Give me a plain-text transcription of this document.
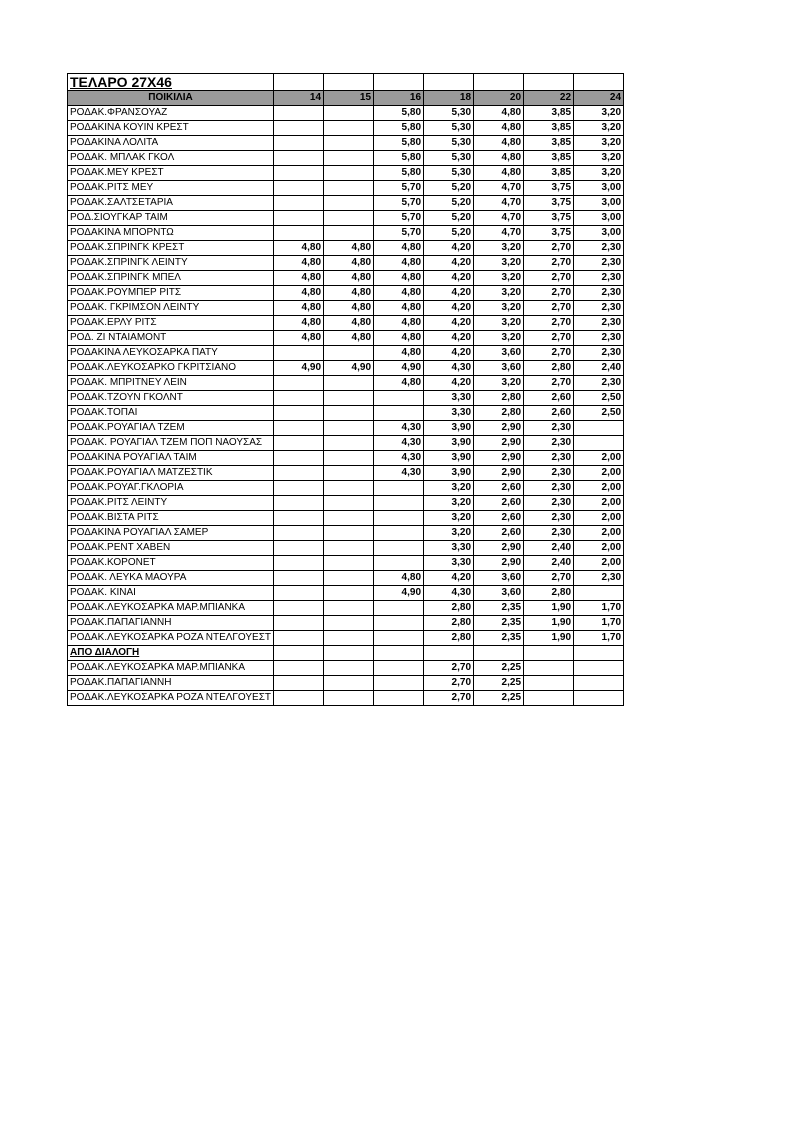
ΤΕΛΑΡΟ 27Χ46							
ΠΟΙΚΙΛΙΑ	14	15	16	18	20	22	24
ΡΟΔΑΚ.ΦΡΑΝΣΟΥΑΖ			5,80	5,30	4,80	3,85	3,20
ΡΟΔΑΚΙΝΑ ΚΟΥΙΝ ΚΡΕΣΤ			5,80	5,30	4,80	3,85	3,20
ΡΟΔΑΚΙΝΑ ΛΟΛΙΤΑ			5,80	5,30	4,80	3,85	3,20
ΡΟΔΑΚ. ΜΠΛΑΚ ΓΚΟΛ			5,80	5,30	4,80	3,85	3,20
ΡΟΔΑΚ.ΜΕΥ ΚΡΕΣΤ			5,80	5,30	4,80	3,85	3,20
ΡΟΔΑΚ.ΡΙΤΣ ΜΕΥ			5,70	5,20	4,70	3,75	3,00
ΡΟΔΑΚ.ΣΑΛΤΣΕΤΑΡΙΑ			5,70	5,20	4,70	3,75	3,00
ΡΟΔ.ΣΙΟΥΓΚΑΡ ΤΑΙΜ			5,70	5,20	4,70	3,75	3,00
ΡΟΔΑΚΙΝΑ ΜΠΟΡΝΤΩ			5,70	5,20	4,70	3,75	3,00
ΡΟΔΑΚ.ΣΠΡΙΝΓΚ ΚΡΕΣΤ	4,80	4,80	4,80	4,20	3,20	2,70	2,30
ΡΟΔΑΚ.ΣΠΡΙΝΓΚ ΛΕΙΝΤΥ	4,80	4,80	4,80	4,20	3,20	2,70	2,30
ΡΟΔΑΚ.ΣΠΡΙΝΓΚ ΜΠΕΛ	4,80	4,80	4,80	4,20	3,20	2,70	2,30
ΡΟΔΑΚ.ΡΟΥΜΠΕΡ ΡΙΤΣ	4,80	4,80	4,80	4,20	3,20	2,70	2,30
ΡΟΔΑΚ. ΓΚΡΙΜΣΟΝ ΛΕΙΝΤΥ	4,80	4,80	4,80	4,20	3,20	2,70	2,30
ΡΟΔΑΚ.ΕΡΛΥ ΡΙΤΣ	4,80	4,80	4,80	4,20	3,20	2,70	2,30
ΡΟΔ. ΖΙ ΝΤΑΙΑΜΟΝΤ	4,80	4,80	4,80	4,20	3,20	2,70	2,30
ΡΟΔΑΚΙΝΑ ΛΕΥΚΟΣΑΡΚΑ ΠΑΤΥ			4,80	4,20	3,60	2,70	2,30
ΡΟΔΑΚ.ΛΕΥΚΟΣΑΡΚΟ ΓΚΡΙΤΣΙΑΝΟ	4,90	4,90	4,90	4,30	3,60	2,80	2,40
ΡΟΔΑΚ. ΜΠΡΙΤΝΕΥ ΛΕΙΝ			4,80	4,20	3,20	2,70	2,30
ΡΟΔΑΚ.ΤΖΟΥΝ ΓΚΟΛΝΤ				3,30	2,80	2,60	2,50
ΡΟΔΑΚ.ΤΟΠΑΙ				3,30	2,80	2,60	2,50
ΡΟΔΑΚ.ΡΟΥΑΓΙΑΛ ΤΖΕΜ			4,30	3,90	2,90	2,30	
ΡΟΔΑΚ. ΡΟΥΑΓΙΑΛ ΤΖΕΜ ΠΟΠ ΝΑΟΥΣΑΣ			4,30	3,90	2,90	2,30	
ΡΟΔΑΚΙΝΑ ΡΟΥΑΓΙΑΛ ΤΑΙΜ			4,30	3,90	2,90	2,30	2,00
ΡΟΔΑΚ.ΡΟΥΑΓΙΑΛ ΜΑΤΖΕΣΤΙΚ			4,30	3,90	2,90	2,30	2,00
ΡΟΔΑΚ.ΡΟΥΑΓ.ΓΚΛΟΡΙΑ				3,20	2,60	2,30	2,00
ΡΟΔΑΚ.ΡΙΤΣ ΛΕΙΝΤΥ				3,20	2,60	2,30	2,00
ΡΟΔΑΚ.ΒΙΣΤΑ ΡΙΤΣ				3,20	2,60	2,30	2,00
ΡΟΔΑΚΙΝΑ ΡΟΥΑΓΙΑΛ ΣΑΜΕΡ				3,20	2,60	2,30	2,00
ΡΟΔΑΚ.ΡΕΝΤ ΧΑΒΕΝ				3,30	2,90	2,40	2,00
ΡΟΔΑΚ.ΚΟΡΟΝΕΤ				3,30	2,90	2,40	2,00
ΡΟΔΑΚ. ΛΕΥΚΑ ΜΑΟΥΡΑ			4,80	4,20	3,60	2,70	2,30
ΡΟΔΑΚ. ΚΙΝΑΙ			4,90	4,30	3,60	2,80	
ΡΟΔΑΚ.ΛΕΥΚΟΣΑΡΚΑ ΜΑΡ.ΜΠΙΑΝΚΑ				2,80	2,35	1,90	1,70
ΡΟΔΑΚ.ΠΑΠΑΓΙΑΝΝΗ				2,80	2,35	1,90	1,70
ΡΟΔΑΚ.ΛΕΥΚΟΣΑΡΚΑ ΡΟΖΑ ΝΤΕΛΓΟΥΕΣΤ				2,80	2,35	1,90	1,70
ΑΠΟ ΔΙΑΛΟΓΗ							
ΡΟΔΑΚ.ΛΕΥΚΟΣΑΡΚΑ ΜΑΡ.ΜΠΙΑΝΚΑ				2,70	2,25		
ΡΟΔΑΚ.ΠΑΠΑΓΙΑΝΝΗ				2,70	2,25		
ΡΟΔΑΚ.ΛΕΥΚΟΣΑΡΚΑ ΡΟΖΑ ΝΤΕΛΓΟΥΕΣΤ				2,70	2,25		
